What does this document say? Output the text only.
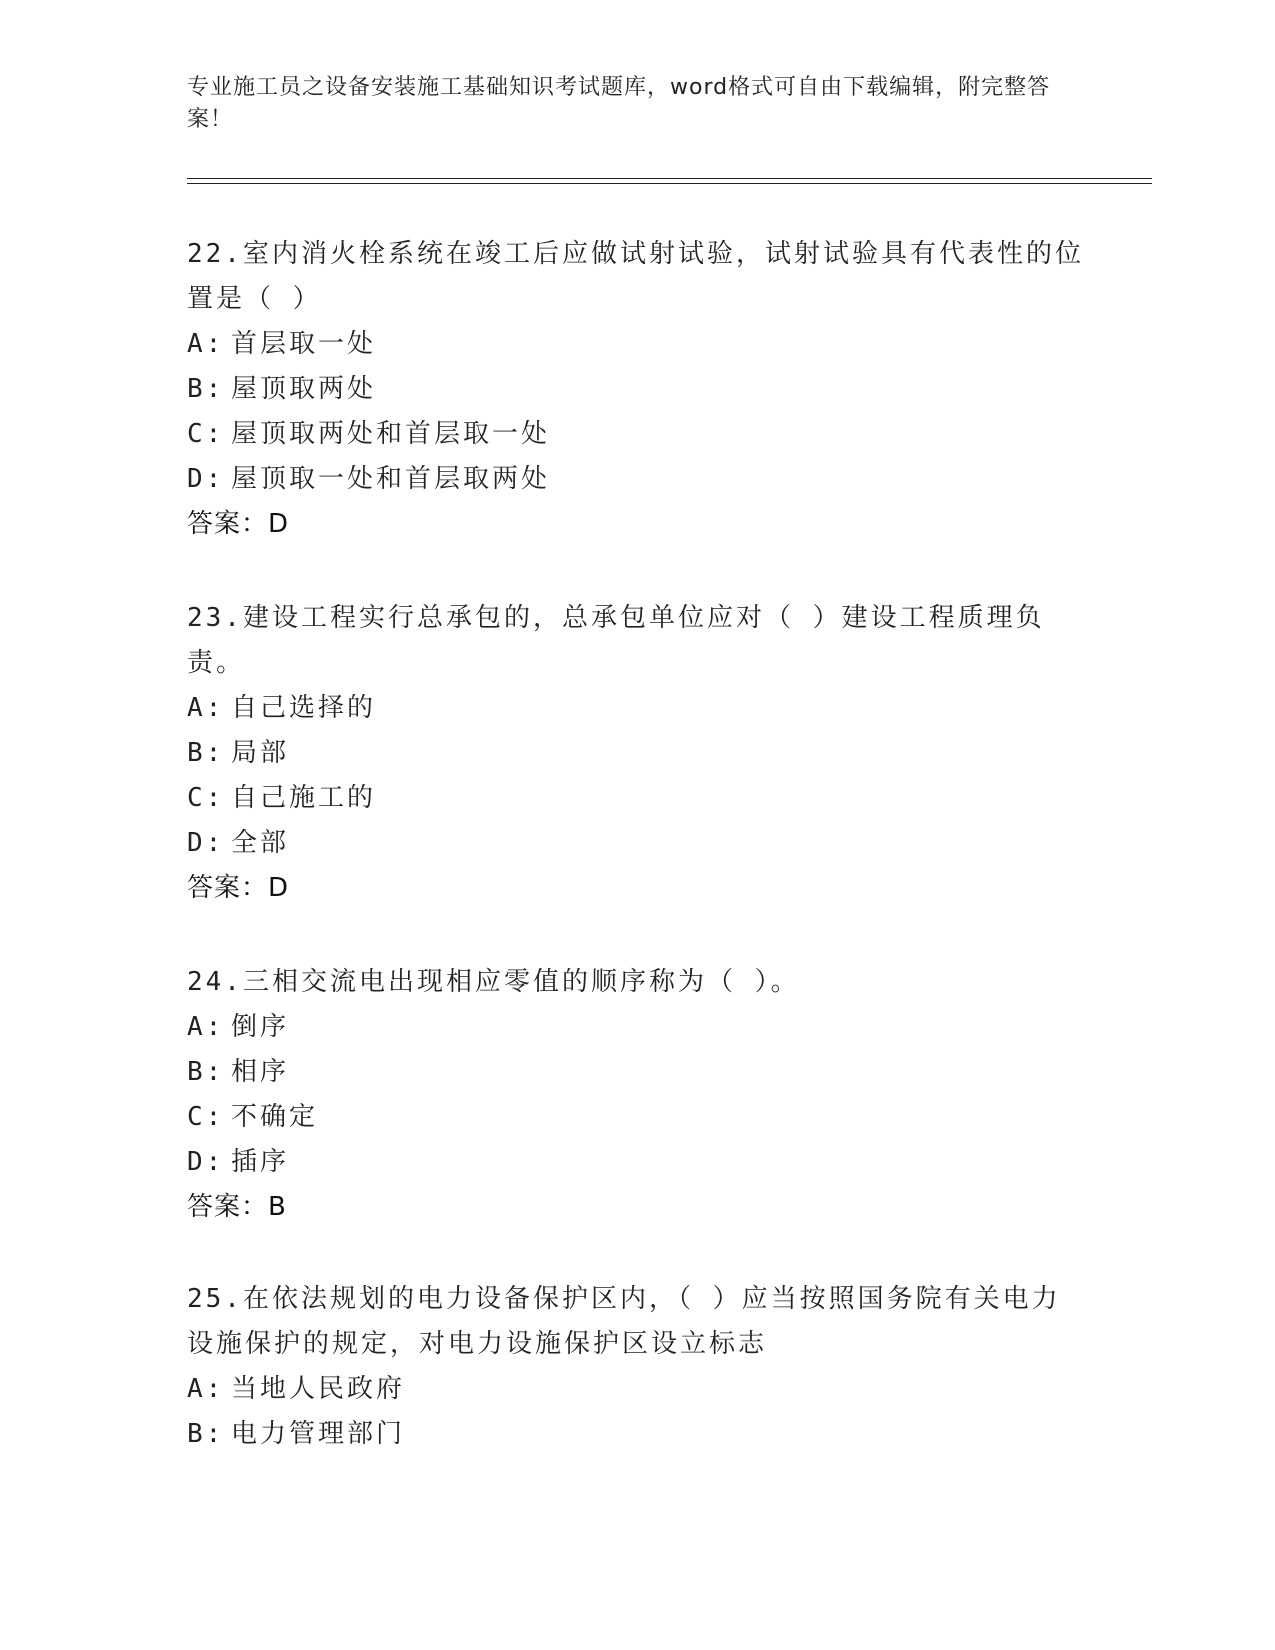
专业施工员之设备安装施工基础知识考试题库，word格式可自由下载编辑，附完整答案！

22.室内消火栓系统在竣工后应做试射试验，试射试验具有代表性的位置是（ ）

A: 首层取一处

B: 屋顶取两处

C: 屋顶取两处和首层取一处

D: 屋顶取一处和首层取两处

答案：D

23.建设工程实行总承包的，总承包单位应对（ ）建设工程质理负责。

A: 自己选择的

B: 局部

C: 自己施工的

D: 全部

答案：D

24.三相交流电出现相应零值的顺序称为（ ）。

A: 倒序

B: 相序

C: 不确定

D: 插序

答案：B

25.在依法规划的电力设备保护区内，（ ）应当按照国务院有关电力设施保护的规定，对电力设施保护区设立标志

A: 当地人民政府

B: 电力管理部门
